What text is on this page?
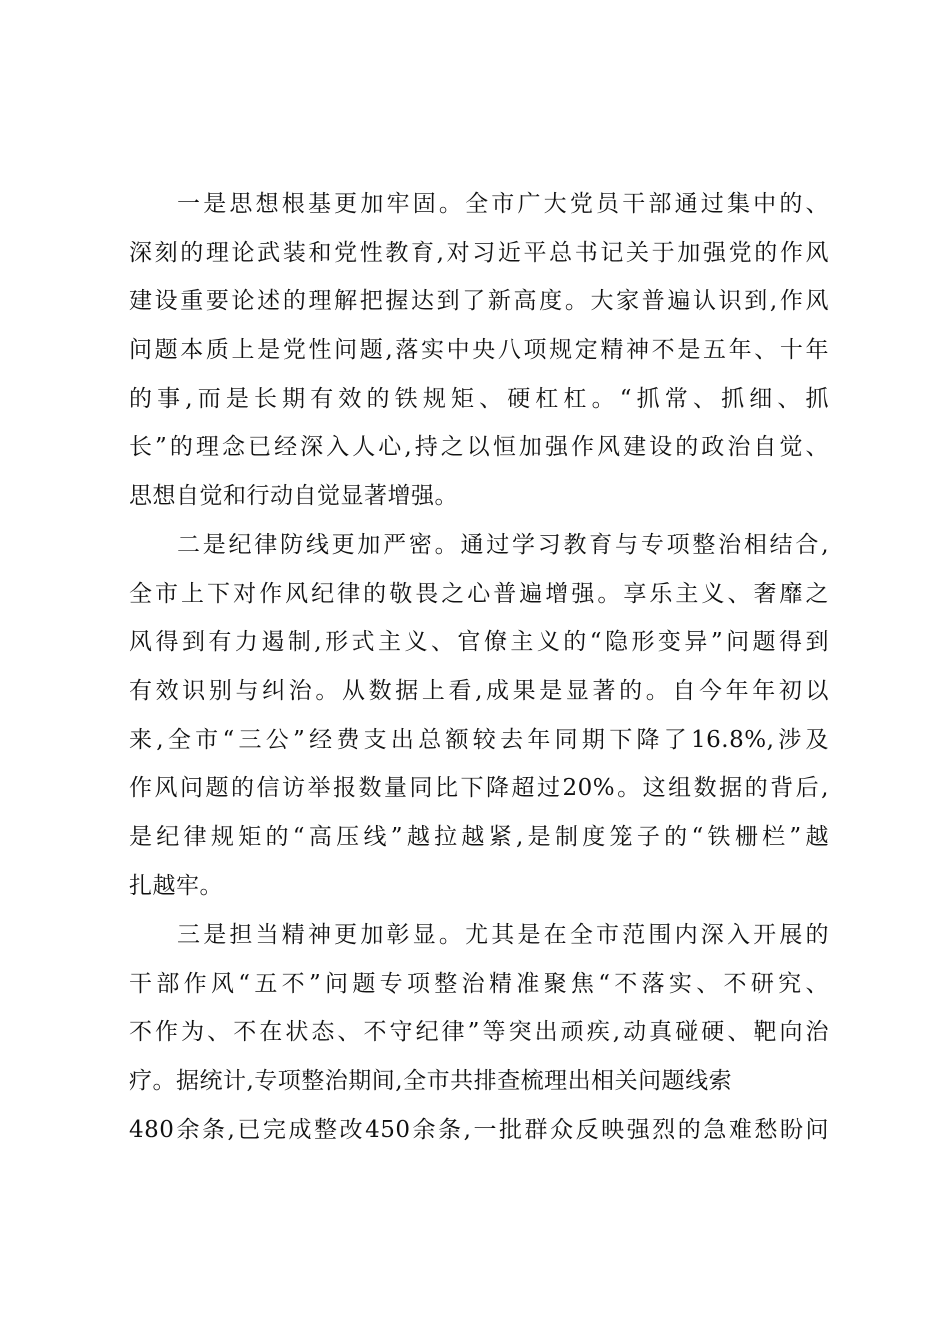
一是思想根基更加牢固。全市广大党员干部通过集中的、
深刻的理论武装和党性教育,对习近平总书记关于加强党的作风
建设重要论述的理解把握达到了新高度。大家普遍认识到,作风
问题本质上是党性问题,落实中央八项规定精神不是五年、十年
的事,而是长期有效的铁规矩、硬杠杠。“抓常、抓细、抓
长”的理念已经深入人心,持之以恒加强作风建设的政治自觉、
思想自觉和行动自觉显著增强。
二是纪律防线更加严密。通过学习教育与专项整治相结合,
全市上下对作风纪律的敬畏之心普遍增强。享乐主义、奢靡之
风得到有力遏制,形式主义、官僚主义的“隐形变异”问题得到
有效识别与纠治。从数据上看,成果是显著的。自今年年初以
来,全市“三公”经费支出总额较去年同期下降了16.8%,涉及
作风问题的信访举报数量同比下降超过20%。这组数据的背后,
是纪律规矩的“高压线”越拉越紧,是制度笼子的“铁栅栏”越
扎越牢。
三是担当精神更加彰显。尤其是在全市范围内深入开展的
干部作风“五不”问题专项整治精准聚焦“不落实、不研究、
不作为、不在状态、不守纪律”等突出顽疾,动真碰硬、靶向治
疗。据统计,专项整治期间,全市共排查梳理出相关问题线索
480余条,已完成整改450余条,一批群众反映强烈的急难愁盼问
